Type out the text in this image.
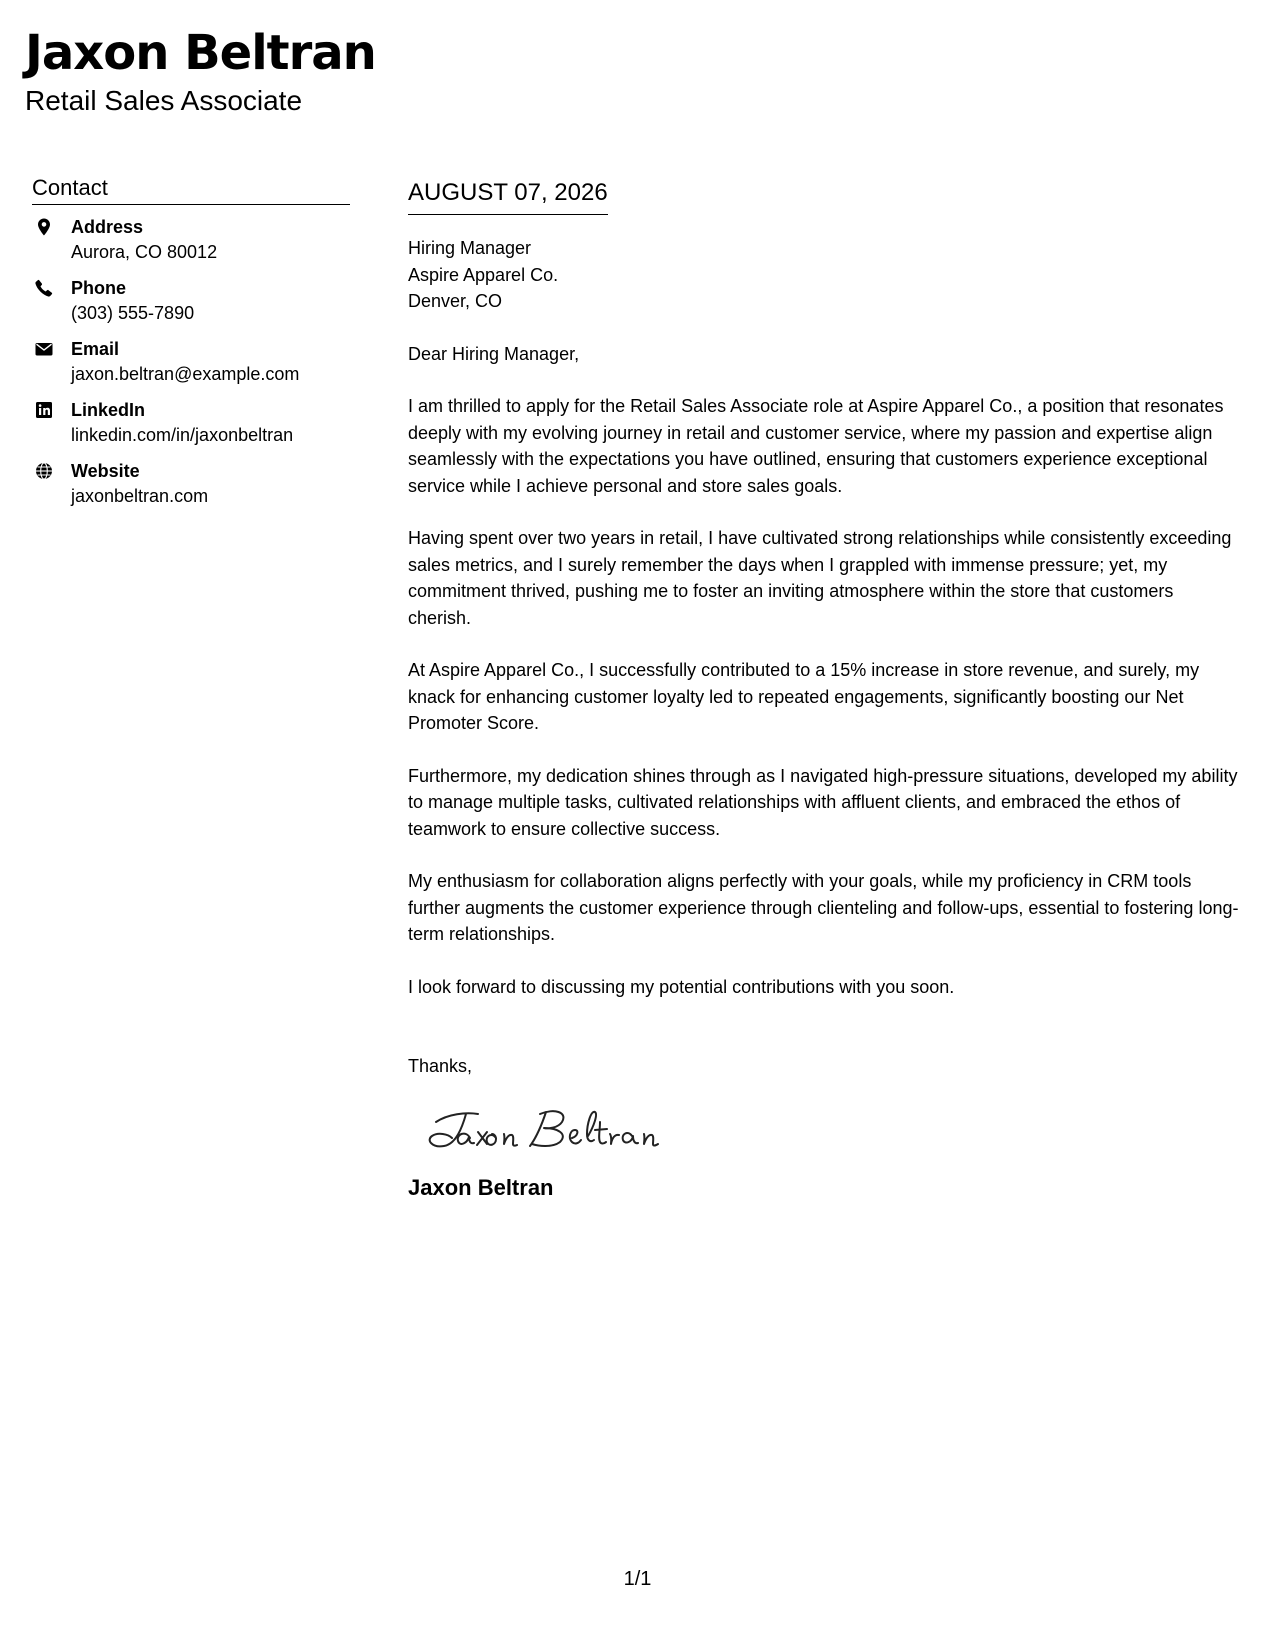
Jaxon Beltran
Retail Sales Associate
Contact
Address
Aurora, CO 80012
Phone
(303) 555-7890
Email
jaxon.beltran@example.com
LinkedIn
linkedin.com/in/jaxonbeltran
Website
jaxonbeltran.com
AUGUST 07, 2026
Hiring Manager
Aspire Apparel Co.
Denver, CO
Dear Hiring Manager,
I am thrilled to apply for the Retail Sales Associate role at Aspire Apparel Co., a position that resonates deeply with my evolving journey in retail and customer service, where my passion and expertise align seamlessly with the expectations you have outlined, ensuring that customers experience exceptional service while I achieve personal and store sales goals.
Having spent over two years in retail, I have cultivated strong relationships while consistently exceeding sales metrics, and I surely remember the days when I grappled with immense pressure; yet, my commitment thrived, pushing me to foster an inviting atmosphere within the store that customers cherish.
At Aspire Apparel Co., I successfully contributed to a 15% increase in store revenue, and surely, my knack for enhancing customer loyalty led to repeated engagements, significantly boosting our Net Promoter Score.
Furthermore, my dedication shines through as I navigated high-pressure situations, developed my ability to manage multiple tasks, cultivated relationships with affluent clients, and embraced the ethos of teamwork to ensure collective success.
My enthusiasm for collaboration aligns perfectly with your goals, while my proficiency in CRM tools further augments the customer experience through clienteling and follow-ups, essential to fostering long-term relationships.
I look forward to discussing my potential contributions with you soon.
Thanks,
Jaxon Beltran
1/1
